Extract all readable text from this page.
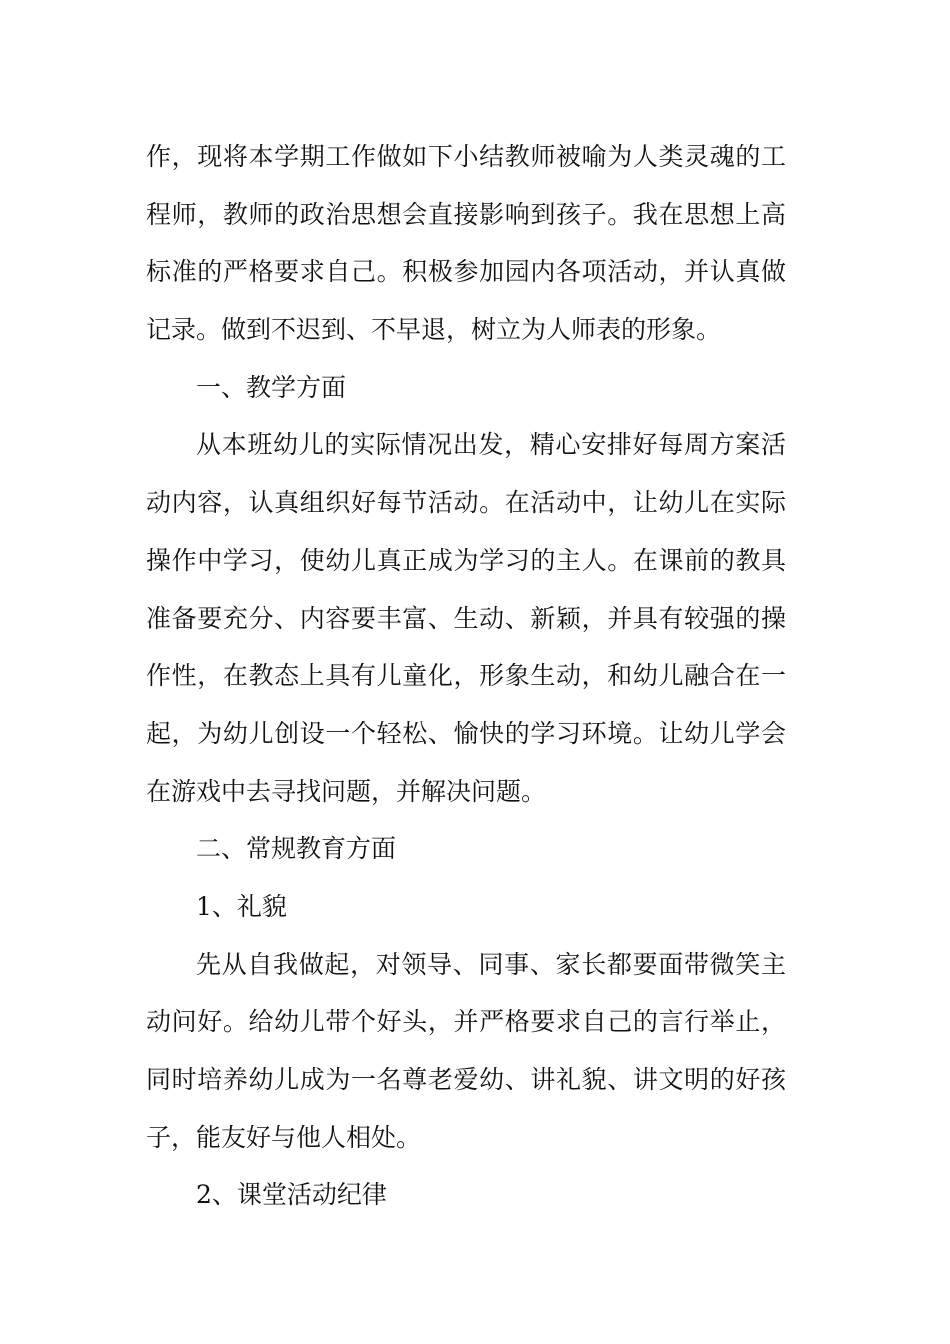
作，现将本学期工作做如下小结教师被喻为人类灵魂的工
程师，教师的政治思想会直接影响到孩子。我在思想上高
标准的严格要求自己。积极参加园内各项活动，并认真做
记录。做到不迟到、不早退，树立为人师表的形象。
一、教学方面
从本班幼儿的实际情况出发，精心安排好每周方案活
动内容，认真组织好每节活动。在活动中，让幼儿在实际
操作中学习，使幼儿真正成为学习的主人。在课前的教具
准备要充分、内容要丰富、生动、新颖，并具有较强的操
作性，在教态上具有儿童化，形象生动，和幼儿融合在一
起，为幼儿创设一个轻松、愉快的学习环境。让幼儿学会
在游戏中去寻找问题，并解决问题。
二、常规教育方面
1、礼貌
先从自我做起，对领导、同事、家长都要面带微笑主
动问好。给幼儿带个好头，并严格要求自己的言行举止，
同时培养幼儿成为一名尊老爱幼、讲礼貌、讲文明的好孩
子，能友好与他人相处。
2、课堂活动纪律
